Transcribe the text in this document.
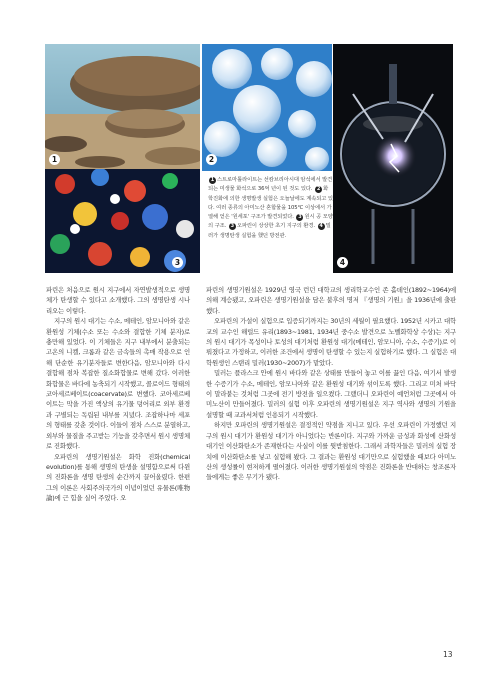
1
3
2
4
1 스트로마톨라이트는 선캄브리아시대 암석에서 발견되는 미생물 화석으로 36억 년이 된 것도 있다. 2 화학진화에 의한 생명발생 실험은 오늘날에도 계속되고 있다. 여러 종류의 아미노산 혼합물을 105℃ 이상에서 가열해 얻은 '원세포' 구조가 발견되었다. 3 원시 공 모양의 구조. 3 오파린이 상상한 초기 지구의 환경. 4 밀러가 생명탄생 실험을 했던 방전관.

파린은 처음으로 원시 지구에서 자연발생적으로 생명체가 탄생할 수 있다고 소개했다. 그의 생명탄생 시나리오는 이렇다.

지구의 원시 대기는 수소, 메테인, 암모니아와 같은 환원성 기체(수소 또는 수소와 결합한 기체 분자)로 충만해 있었다. 이 기체들은 지구 내부에서 분출되는 고온의 니켈, 크롬과 같은 금속들의 촉매 작용으로 인해 단순한 유기분자들로 변한다음, 암모니아와 다시 결합해 점차 복잡한 질소화합물로 변해 갔다. 이러한 화합물은 바다에 농축되기 시작했고, 콜로이드 형태의 코아세르베이트(coacervate)로 변했다. 코아세르베이트는 막을 가진 액상의 유기물 덩어리로 외부 환경과 구별되는 독립된 내부를 지녔다. 조잡하나마 세포의 형태를 갖춘 것이다. 이들이 점차 스스로 분열하고, 외부와 물질을 주고받는 기능을 갖추면서 원시 생명체로 진화했다.

오파린의 생명기원설은 화학 진화(chemical evolution)를 통해 생명의 탄생을 설명함으로써 다윈의 진화론을 생명 탄생의 순간까지 끌어올렸다. 한편 그의 이론은 사회주의국가의 이념이었던 유물론(唯物論)에 근 힘을 실어 주었다. 오

파린의 생명기원설은 1929년 영국 런던 대학교의 생리학교수인 존 홀데인(1892~1964)에 의해 계승됐고, 오파린은 생명기원설을 담은 불후의 명저 『생명의 기원』을 1936년에 출판했다.

오파린의 가설이 실험으로 입증되기까지는 30년의 세월이 필요했다. 1952년 시카고 대학교의 교수인 해럴드 유리(1893~1981, 1934년 중수소 발견으로 노벨화학상 수상)는 지구의 원시 대기가 목성이나 토성의 대기처럼 환원성 대기(메테인, 암모니아, 수소, 수증기)로 이뤄졌다고 가정하고, 이러한 조건에서 생명이 탄생할 수 있는지 실험하기로 했다. 그 실험은 대학원생인 스탠리 밀러(1930~2007)가 맡았다.

밀러는 플라스크 안에 원시 바다와 같은 상태를 만들어 놓고 이를 끓인 다음, 여기서 발생한 수증기가 수소, 메테인, 암모니아와 같은 환원성 대기와 섞이도록 했다. 그리고 미처 바닥이 말라붙는 것처럼 그곳에 전기 방전을 일으켰다. 그랬더니 오파린이 예언처럼 그곳에서 아미노산이 만들어졌다. 밀러의 실험 이후 오파린의 생명기원설은 지구 역사와 생명의 기원을 설명할 때 교과서처럼 인용되기 시작했다.

하지만 오파린의 생명기원설은 결정적인 약점을 지니고 있다. 우선 오파린이 가정했던 지구의 원시 대기가 환원성 대기가 아니었다는 반론이다. 지구와 가까운 금성과 화성에 산화성 대기인 이산화탄소가 존재한다는 사실이 이를 뒷받침한다. 그래서 과학자들은 밀러의 실험 장치에 이산화탄소를 넣고 실험해 봤다. 그 결과는 환원성 대기만으로 실험했을 때보다 아미노산의 생성률이 현저하게 떨어졌다. 이러한 생명기원설의 약점은 진화론을 반대하는 창조론자들에게는 좋은 무기가 됐다.

13
